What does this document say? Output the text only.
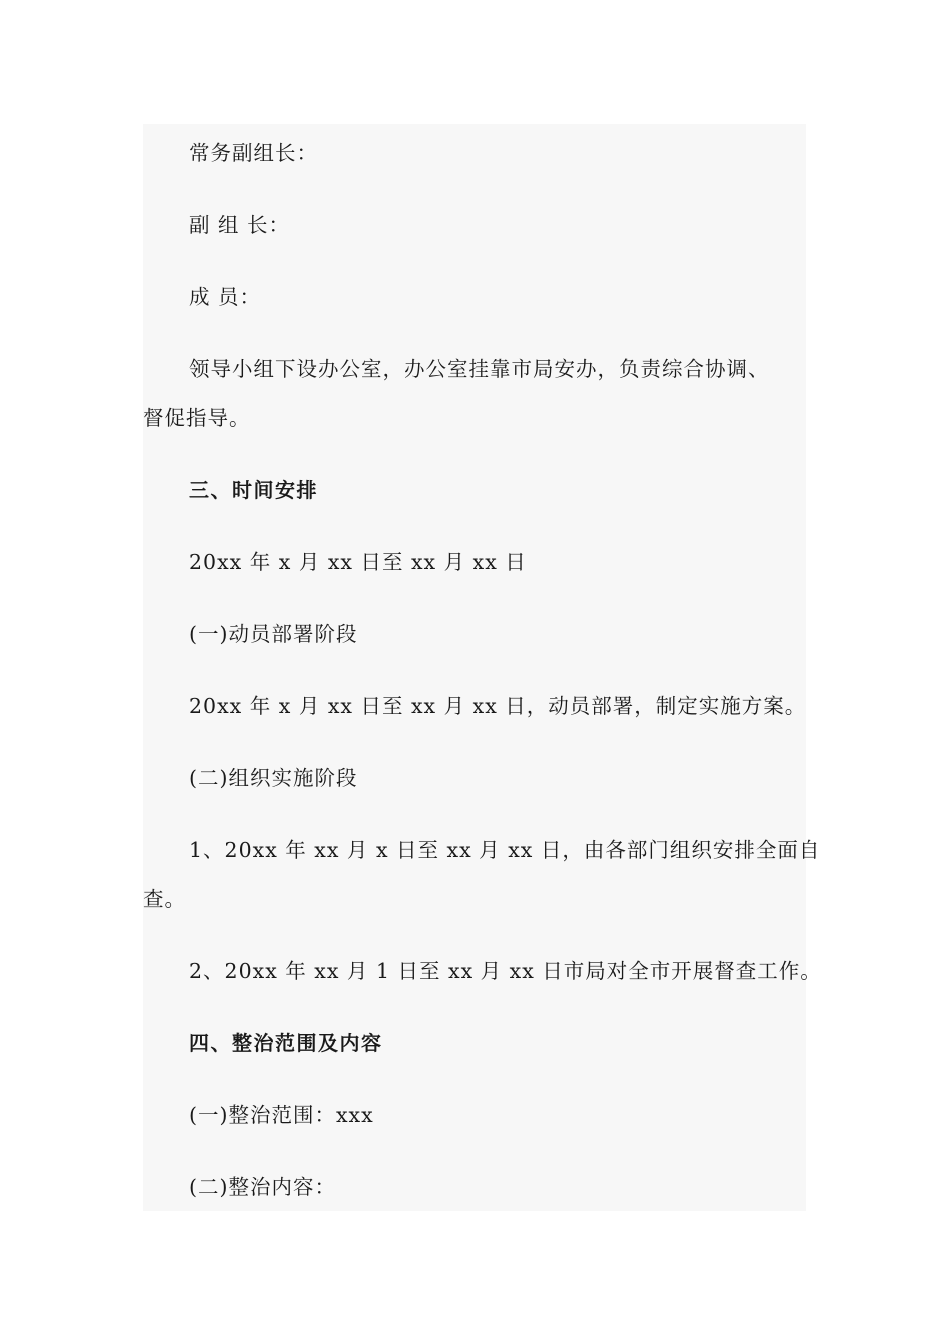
常务副组长：

副 组 长：

成 员：

领导小组下设办公室，办公室挂靠市局安办，负责综合协调、

督促指导。

三、时间安排

20xx 年 x 月 xx 日至 xx 月 xx 日

(一)动员部署阶段

20xx 年 x 月 xx 日至 xx 月 xx 日，动员部署，制定实施方案。

(二)组织实施阶段

1、20xx 年 xx 月 x 日至 xx 月 xx 日，由各部门组织安排全面自

查。

2、20xx 年 xx 月 1 日至 xx 月 xx 日市局对全市开展督查工作。

四、整治范围及内容

(一)整治范围：xxx

(二)整治内容：
